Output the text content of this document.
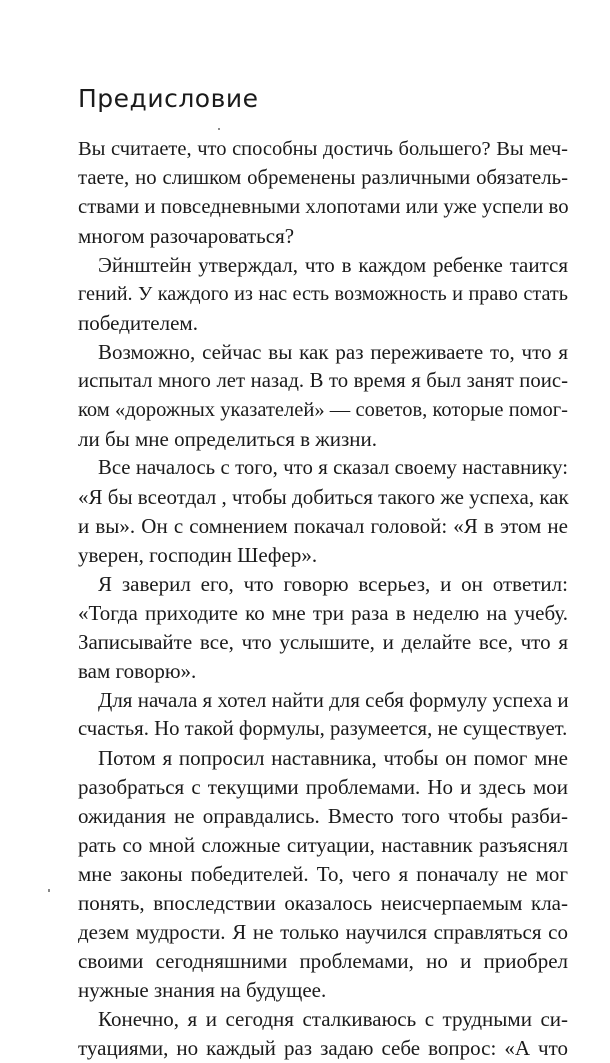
Предисловие
Вы считаете, что способны достичь большего? Вы меч-
таете, но слишком обременены различными обязатель-
ствами и повседневными хлопотами или уже успели во
многом разочароваться?
Эйнштейн утверждал, что в каждом ребенке таится
гений. У каждого из нас есть возможность и право стать
победителем.
Возможно, сейчас вы как раз переживаете то, что я
испытал много лет назад. В то время я был занят поис-
ком «дорожных указателей» — советов, которые помог-
ли бы мне определиться в жизни.
Все началось с того, что я сказал своему наставнику:
«Я бы всеотдал , чтобы добиться такого же успеха, как
и вы». Он с сомнением покачал головой: «Я в этом не
уверен, господин Шефер».
Я заверил его, что говорю всерьез, и он ответил:
«Тогда приходите ко мне три раза в неделю на учебу.
Записывайте все, что услышите, и делайте все, что я
вам говорю».
Для начала я хотел найти для себя формулу успеха и
счастья. Но такой формулы, разумеется, не существует.
Потом я попросил наставника, чтобы он помог мне
разобраться с текущими проблемами. Но и здесь мои
ожидания не оправдались. Вместо того чтобы разби-
рать со мной сложные ситуации, наставник разъяснял
мне законы победителей. То, чего я поначалу не мог
понять, впоследствии оказалось неисчерпаемым кла-
дезем мудрости. Я не только научился справляться со
своими сегодняшними проблемами, но и приобрел
нужные знания на будущее.
Конечно, я и сегодня сталкиваюсь с трудными си-
туациями, но каждый раз задаю себе вопрос: «А что
